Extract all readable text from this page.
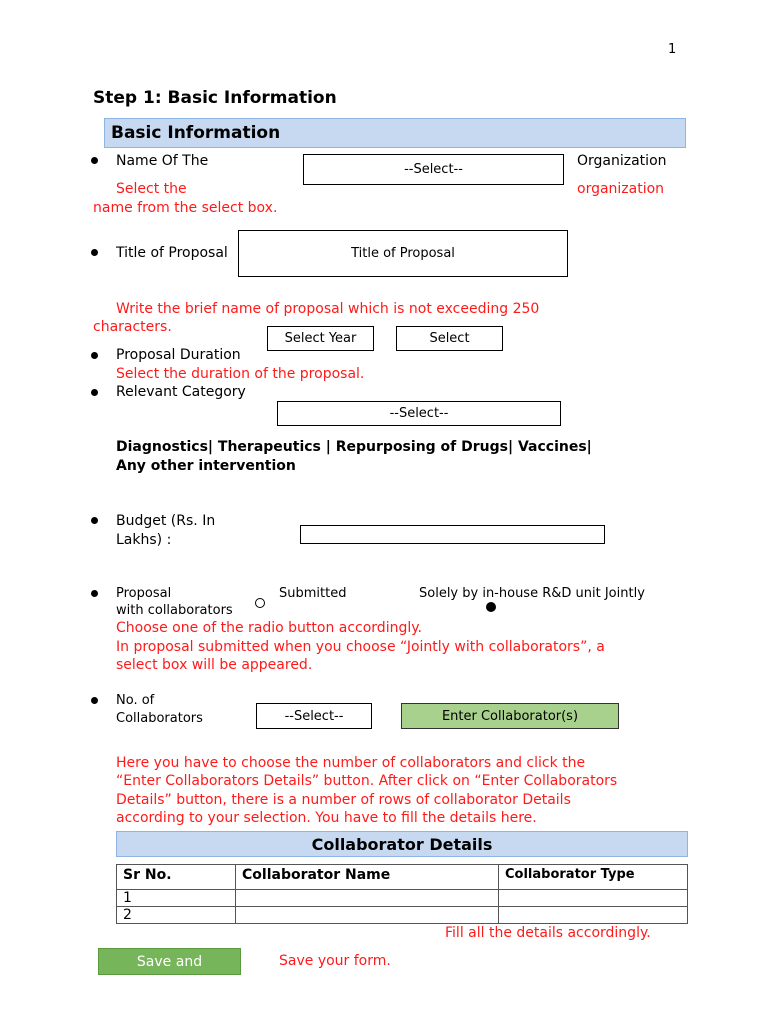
1
Step 1: Basic Information
Basic Information
Name Of The
--Select--
Organization
Select the	organization
name from the select box.
Title of Proposal	Title of Proposal
Write the brief name of proposal which is not exceeding 250
characters.
Select Year	Select
Proposal Duration
Select the duration of the proposal.
Relevant Category
--Select--
Diagnostics| Therapeutics | Repurposing of Drugs| Vaccines|
Any other intervention
Budget (Rs. In
Lakhs) :
Proposal
with collaborators
Submitted	Solely by in-house R&D unit Jointly
Choose one of the radio button accordingly.
In proposal submitted when you choose “Jointly with collaborators”, a
select box will be appeared.
No. of
Collaborators	--Select--	Enter Collaborator(s)
Here you have to choose the number of collaborators and click the
“Enter Collaborators Details” button. After click on “Enter Collaborators
Details” button, there is a number of rows of collaborator Details
according to your selection. You have to fill the details here.
Collaborator Details
Sr No.	Collaborator Name	Collaborator Type
1		
2		
Fill all the details accordingly.
Save and	Save your form.
